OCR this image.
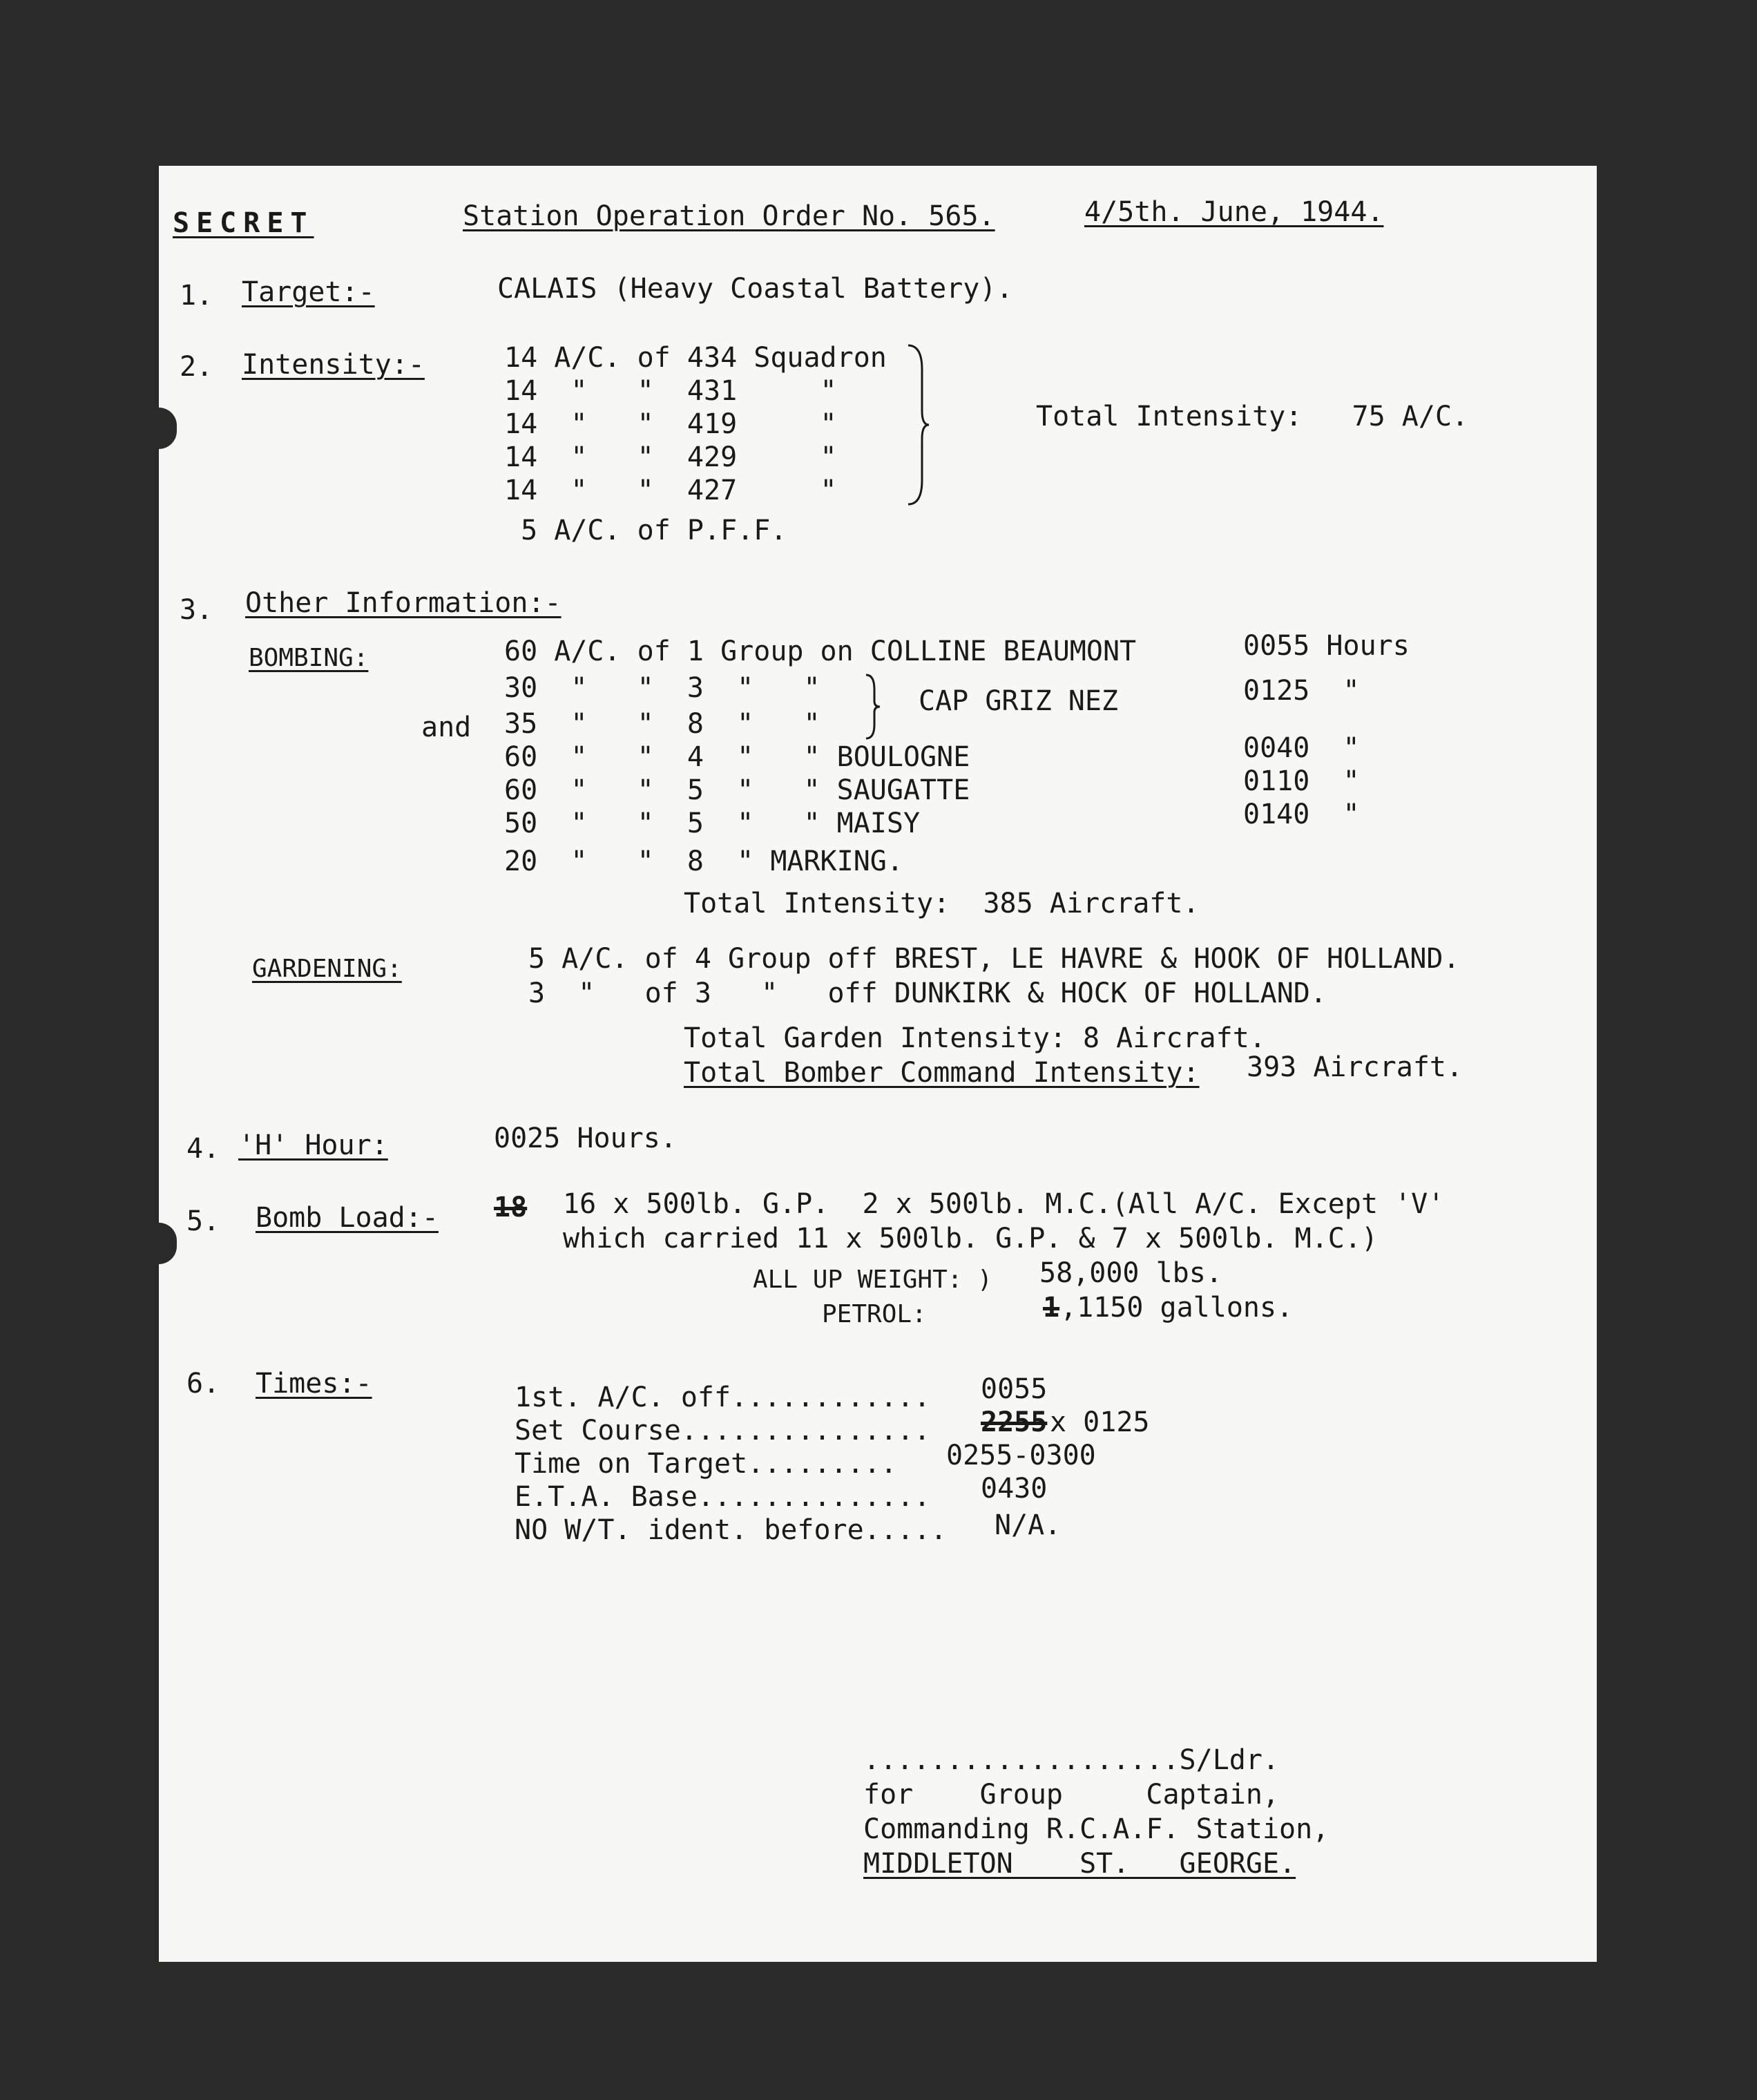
SECRET	Station Operation Order No. 565.	4/5th. June, 1944.
1. Target:-	CALAIS (Heavy Coastal Battery).
2. Intensity:-	14 A/C. of 434 Squadron
14  "   "  431     "
14  "   "  419     "
14  "   "  429     "
14  "   "  427     "
5 A/C. of P.F.F.
Total Intensity:   75 A/C.
3. Other Information:-
BOMBING:
and
60 A/C. of 1 Group on COLLINE BEAUMONT	0055 Hours
30  "   "  3  "   "	0125  "
35  "   "  8  "   "
CAP GRIZ NEZ
60  "   "  4  "   " BOULOGNE	0040  "
60  "   "  5  "   " SAUGATTE	0110  "
50  "   "  5  "   " MAISY	0140  "
20  "   "  8  " MARKING.
Total Intensity:  385 Aircraft.
GARDENING:	5 A/C. of 4 Group off BREST, LE HAVRE & HOOK OF HOLLAND.
3  "   of 3   "   off DUNKIRK & HOCK OF HOLLAND.
Total Garden Intensity: 8 Aircraft.
Total Bomber Command Intensity: 393 Aircraft.
4. 'H' Hour:	0025 Hours.
5. Bomb Load:- 18 16 x 500lb. G.P.  2 x 500lb. M.C.(All A/C. Except 'V'
which carried 11 x 500lb. G.P. & 7 x 500lb. M.C.)
ALL UP WEIGHT: ) 58,000 lbs.
PETROL:	1 ,1150 gallons.
6. Times:-	1st. A/C. off............ 0055
Set Course............... 2255 x 0125
Time on Target......... 0255-0300
E.T.A. Base.............. 0430
NO W/T. ident. before..... N/A.
...................S/Ldr.
for    Group     Captain,
Commanding R.C.A.F. Station,
MIDDLETON    ST.   GEORGE.
